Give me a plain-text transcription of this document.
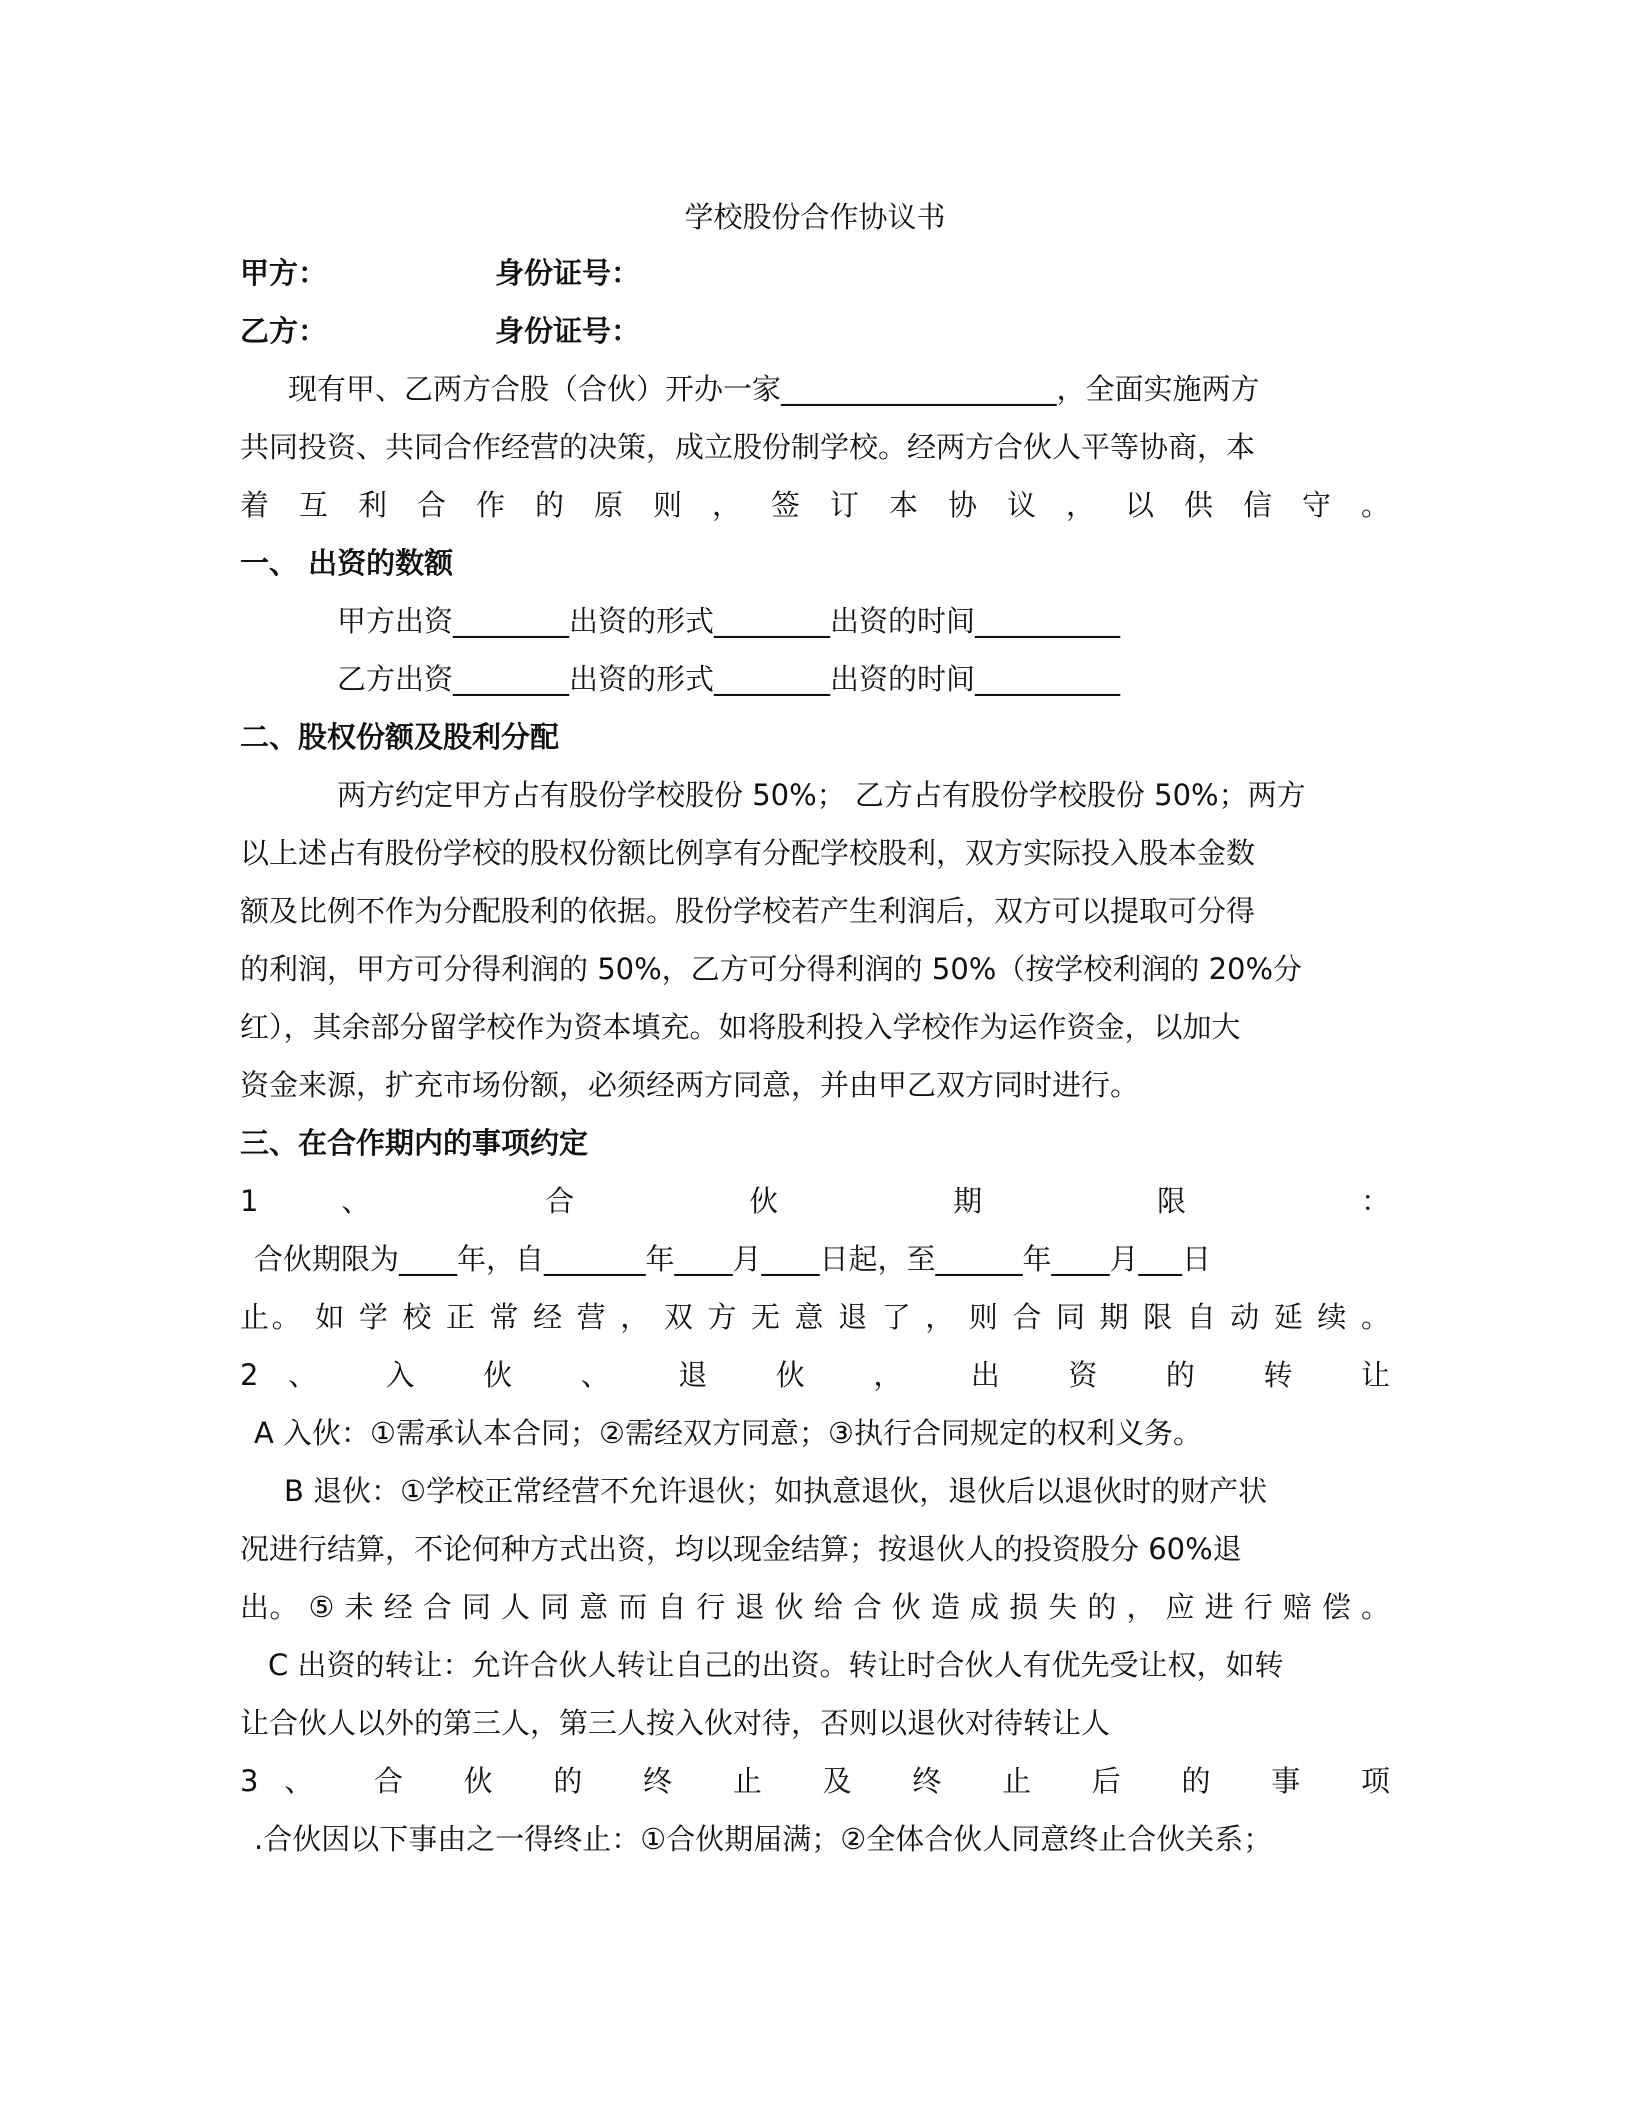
学校股份合作协议书
甲方：	身份证号：
乙方：	身份证号：
现有甲、乙两方合股（合伙）开办一家___________________，全面实施两方
共同投资、共同合作经营的决策，成立股份制学校。经两方合伙人平等协商，本
着 互 利 合 作 的 原 则 ， 签 订 本 协 议 ， 以 供 信 守 。
一、 出资的数额
甲方出资________出资的形式________出资的时间__________
乙方出资________出资的形式________出资的时间__________
二、股权份额及股利分配
两方约定甲方占有股份学校股份 50%； 乙方占有股份学校股份 50%；两方
以上述占有股份学校的股权份额比例享有分配学校股利，双方实际投入股本金数
额及比例不作为分配股利的依据。股份学校若产生利润后，双方可以提取可分得
的利润，甲方可分得利润的 50%，乙方可分得利润的 50%（按学校利润的 20%分
红），其余部分留学校作为资本填充。如将股利投入学校作为运作资金，以加大
资金来源，扩充市场份额，必须经两方同意，并由甲乙双方同时进行。
三、在合作期内的事项约定
1、 合 伙 期 限 ：
合伙期限为____年，自_______年____月____日起，至______年____月___日
止。 如 学 校 正 常 经 营 ， 双 方 无 意 退 了 ， 则 合 同 期 限 自 动 延 续 。
2、 入 伙 、 退 伙 ， 出 资 的 转 让
A 入伙：①需承认本合同；②需经双方同意；③执行合同规定的权利义务。
B 退伙：①学校正常经营不允许退伙；如执意退伙，退伙后以退伙时的财产状
况进行结算，不论何种方式出资，均以现金结算；按退伙人的投资股分 60%退
出。 ⑤ 未 经 合 同 人 同 意 而 自 行 退 伙 给 合 伙 造 成 损 失 的 ， 应 进 行 赔 偿 。
C 出资的转让：允许合伙人转让自己的出资。转让时合伙人有优先受让权，如转
让合伙人以外的第三人，第三人按入伙对待，否则以退伙对待转让人
3、 合 伙 的 终 止 及 终 止 后 的 事 项
.合伙因以下事由之一得终止：①合伙期届满；②全体合伙人同意终止合伙关系；
